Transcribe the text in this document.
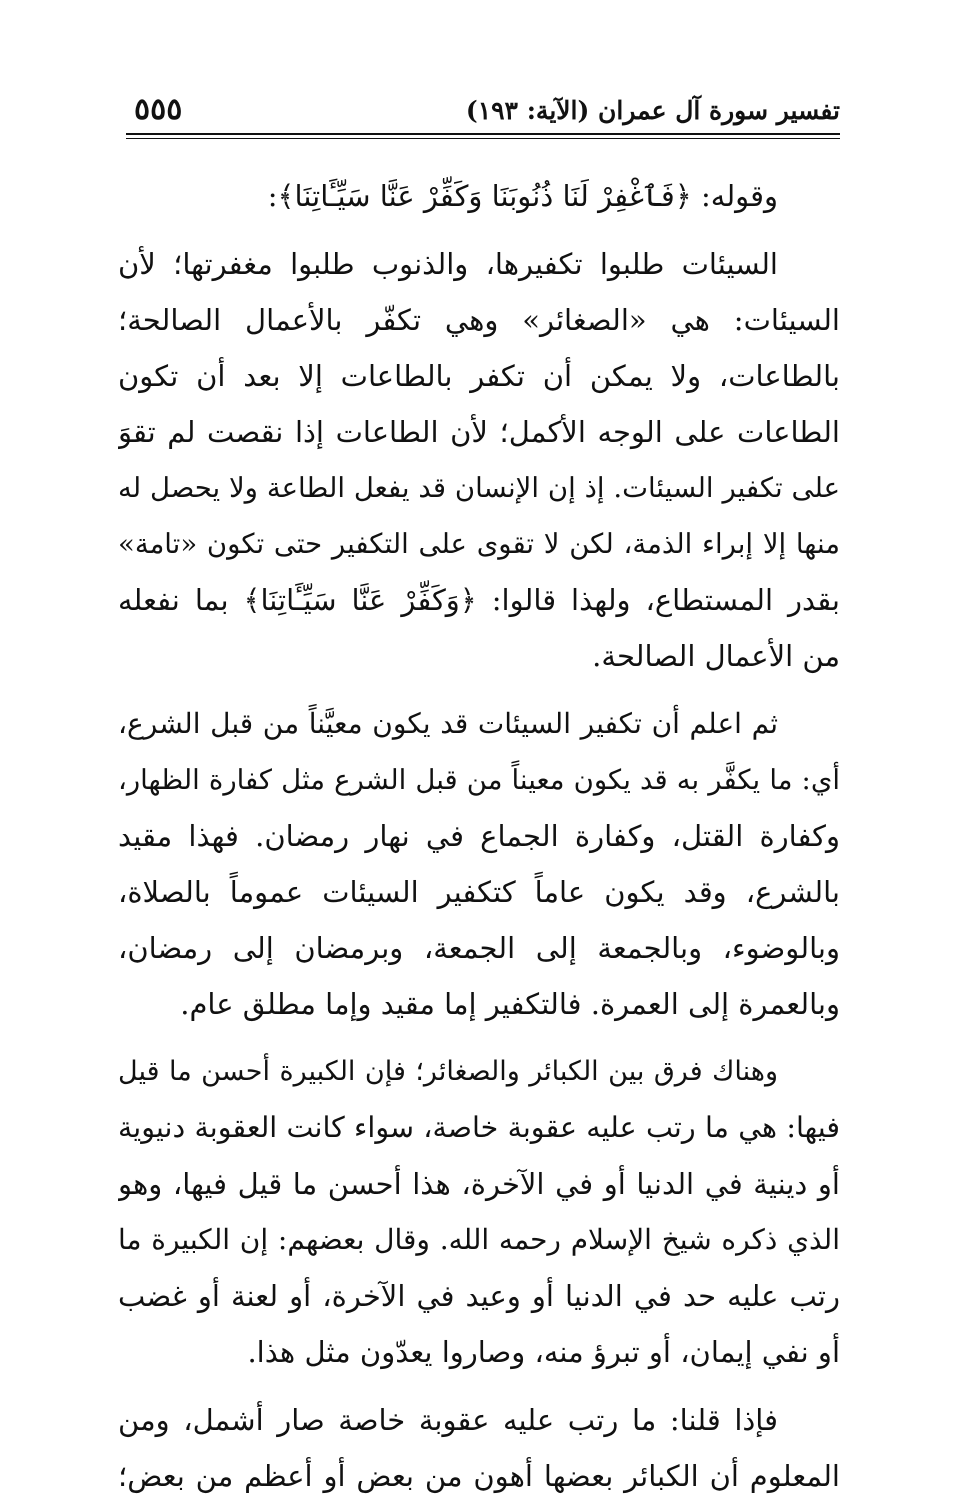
تفسير سورة آل عمران (الآية: ١٩٣)
٥٥٥
وقوله: ﴿فَٱغْفِرْ لَنَا ذُنُوبَنَا وَكَفِّرْ عَنَّا سَيِّـَٔاتِنَا﴾:
السيئات طلبوا تكفيرها، والذنوب طلبوا مغفرتها؛ لأن
السيئات: هي «الصغائر» وهي تكفّر بالأعمال الصالحة؛
بالطاعات، ولا يمكن أن تكفر بالطاعات إلا بعد أن تكون
الطاعات على الوجه الأكمل؛ لأن الطاعات إذا نقصت لم تقوَ
على تكفير السيئات. إذ إن الإنسان قد يفعل الطاعة ولا يحصل له
منها إلا إبراء الذمة، لكن لا تقوى على التكفير حتى تكون «تامة»
بقدر المستطاع، ولهذا قالوا: ﴿وَكَفِّرْ عَنَّا سَيِّـَٔاتِنَا﴾ بما نفعله
من الأعمال الصالحة.
ثم اعلم أن تكفير السيئات قد يكون معيَّناً من قبل الشرع،
أي: ما يكفَّر به قد يكون معيناً من قبل الشرع مثل كفارة الظهار،
وكفارة القتل، وكفارة الجماع في نهار رمضان. فهذا مقيد
بالشرع، وقد يكون عاماً كتكفير السيئات عموماً بالصلاة،
وبالوضوء، وبالجمعة إلى الجمعة، وبرمضان إلى رمضان،
وبالعمرة إلى العمرة. فالتكفير إما مقيد وإما مطلق عام.
وهناك فرق بين الكبائر والصغائر؛ فإن الكبيرة أحسن ما قيل
فيها: هي ما رتب عليه عقوبة خاصة، سواء كانت العقوبة دنيوية
أو دينية في الدنيا أو في الآخرة، هذا أحسن ما قيل فيها، وهو
الذي ذكره شيخ الإسلام رحمه الله. وقال بعضهم: إن الكبيرة ما
رتب عليه حد في الدنيا أو وعيد في الآخرة، أو لعنة أو غضب
أو نفي إيمان، أو تبرؤ منه، وصاروا يعدّون مثل هذا.
فإذا قلنا: ما رتب عليه عقوبة خاصة صار أشمل، ومن
المعلوم أن الكبائر بعضها أهون من بعض أو أعظم من بعض؛
